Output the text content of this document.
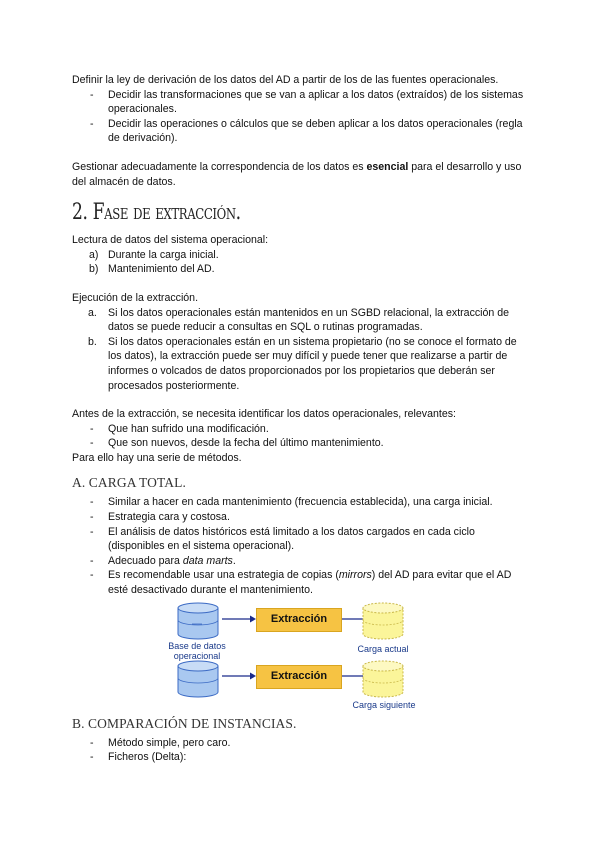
Definir la ley de derivación de los datos del AD a partir de los de las fuentes operacionales.

- Decidir las transformaciones que se van a aplicar a los datos (extraídos) de los sistemas operacionales.
- Decidir las operaciones o cálculos que se deben aplicar a los datos operacionales (regla de derivación).

Gestionar adecuadamente la correspondencia de los datos es esencial para el desarrollo y uso del almacén de datos.

2. Fase de extracción.

Lectura de datos del sistema operacional:

a) Durante la carga inicial.
b) Mantenimiento del AD.

Ejecución de la extracción.

a. Si los datos operacionales están mantenidos en un SGBD relacional, la extracción de datos se puede reducir a consultas en SQL o rutinas programadas.
b. Si los datos operacionales están en un sistema propietario (no se conoce el formato de los datos), la extracción puede ser muy difícil y puede tener que realizarse a partir de informes o volcados de datos proporcionados por los propietarios que deberán ser procesados posteriormente.

Antes de la extracción, se necesita identificar los datos operacionales, relevantes:

- Que han sufrido una modificación.
- Que son nuevos, desde la fecha del último mantenimiento.

Para ello hay una serie de métodos.

A. CARGA TOTAL.
- Similar a hacer en cada mantenimiento (frecuencia establecida), una carga inicial.
- Estrategia cara y costosa.
- El análisis de datos históricos está limitado a los datos cargados en cada ciclo (disponibles en el sistema operacional).
- Adecuado para data marts.
- Es recomendable usar una estrategia de copias (mirrors) del AD para evitar que el AD esté desactivado durante el mantenimiento.
Base de datos operacional
Extracción
Carga actual
Extracción
Carga siguiente
B. COMPARACIÓN DE INSTANCIAS.
- Método simple, pero caro.
- Ficheros (Delta):
